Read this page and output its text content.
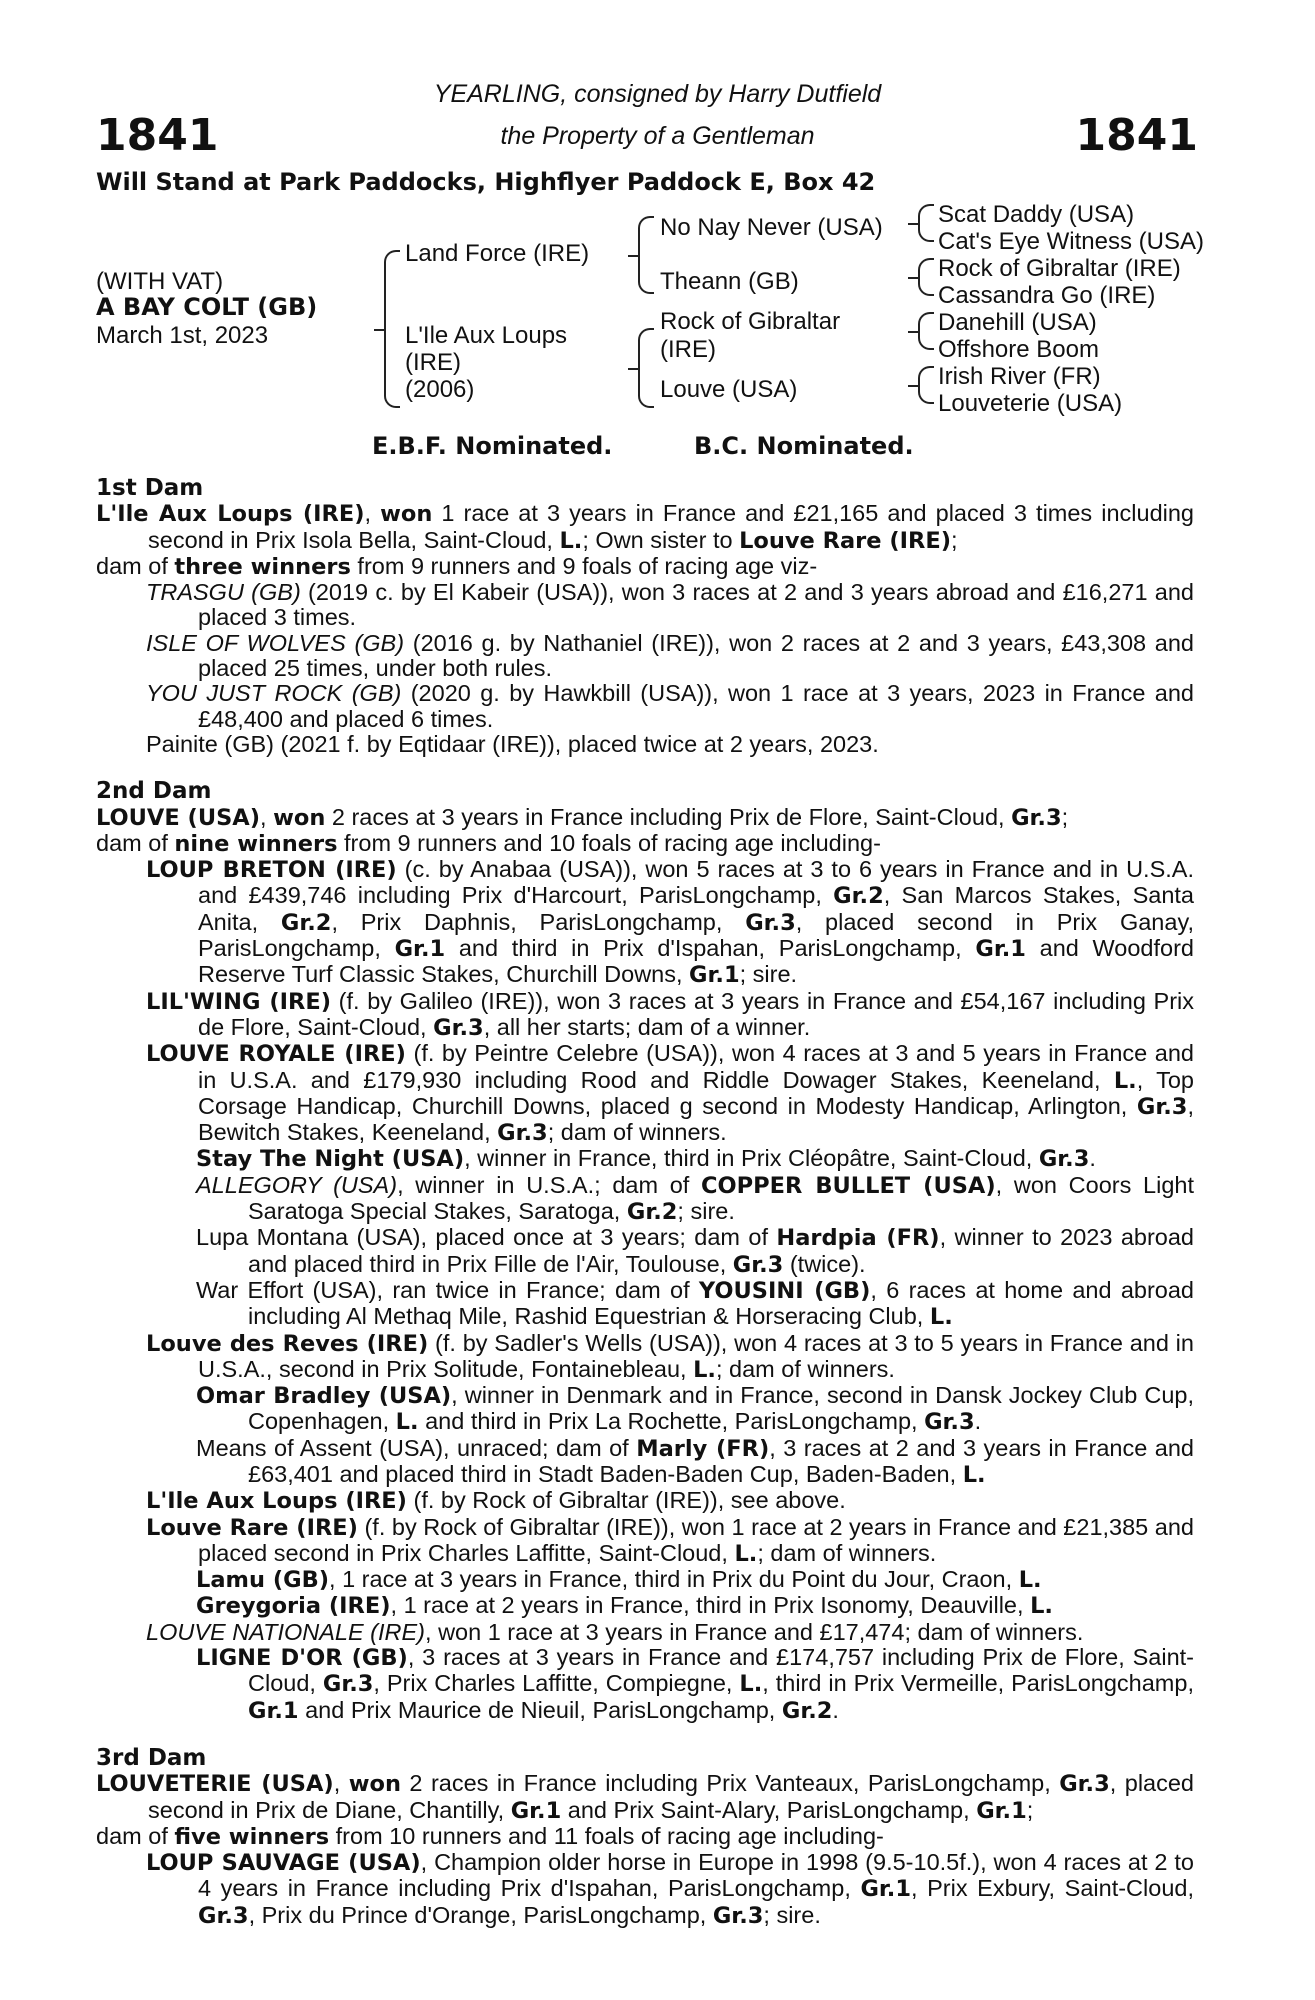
1841	1841
YEARLING, consigned by Harry Dutfield
the Property of a Gentleman
Will Stand at Park Paddocks, Highflyer Paddock E, Box 42
(WITH VAT)
A BAY COLT (GB)
March 1st, 2023
Land Force (IRE)
L'Ile Aux Loups
(IRE)
(2006)
No Nay Never (USA)
Theann (GB)
Rock of Gibraltar
(IRE)
Louve (USA)
Scat Daddy (USA)
Cat's Eye Witness (USA)
Rock of Gibraltar (IRE)
Cassandra Go (IRE)
Danehill (USA)
Offshore Boom
Irish River (FR)
Louveterie (USA)
E.B.F. Nominated.	B.C. Nominated.

1st Dam

L'Ile Aux Loups (IRE), won 1 race at 3 years in France and £21,165 and placed 3 times including second in Prix Isola Bella, Saint-Cloud, L.; Own sister to Louve Rare (IRE);

dam of three winners from 9 runners and 9 foals of racing age viz-

TRASGU (GB) (2019 c. by El Kabeir (USA)), won 3 races at 2 and 3 years abroad and £16,271 and placed 3 times.

ISLE OF WOLVES (GB) (2016 g. by Nathaniel (IRE)), won 2 races at 2 and 3 years, £43,308 and placed 25 times, under both rules.

YOU JUST ROCK (GB) (2020 g. by Hawkbill (USA)), won 1 race at 3 years, 2023 in France and £48,400 and placed 6 times.

Painite (GB) (2021 f. by Eqtidaar (IRE)), placed twice at 2 years, 2023.

2nd Dam

LOUVE (USA), won 2 races at 3 years in France including Prix de Flore, Saint-Cloud, Gr.3;

dam of nine winners from 9 runners and 10 foals of racing age including-

LOUP BRETON (IRE) (c. by Anabaa (USA)), won 5 races at 3 to 6 years in France and in U.S.A. and £439,746 including Prix d'Harcourt, ParisLongchamp, Gr.2, San Marcos Stakes, Santa Anita, Gr.2, Prix Daphnis, ParisLongchamp, Gr.3, placed second in Prix Ganay, ParisLongchamp, Gr.1 and third in Prix d'Ispahan, ParisLongchamp, Gr.1 and Woodford Reserve Turf Classic Stakes, Churchill Downs, Gr.1; sire.

LIL'WING (IRE) (f. by Galileo (IRE)), won 3 races at 3 years in France and £54,167 including Prix de Flore, Saint-Cloud, Gr.3, all her starts; dam of a winner.

LOUVE ROYALE (IRE) (f. by Peintre Celebre (USA)), won 4 races at 3 and 5 years in France and in U.S.A. and £179,930 including Rood and Riddle Dowager Stakes, Keeneland, L., Top Corsage Handicap, Churchill Downs, placed g second in Modesty Handicap, Arlington, Gr.3, Bewitch Stakes, Keeneland, Gr.3; dam of winners.

Stay The Night (USA), winner in France, third in Prix Cléopâtre, Saint-Cloud, Gr.3.

ALLEGORY (USA), winner in U.S.A.; dam of COPPER BULLET (USA), won Coors Light Saratoga Special Stakes, Saratoga, Gr.2; sire.

Lupa Montana (USA), placed once at 3 years; dam of Hardpia (FR), winner to 2023 abroad and placed third in Prix Fille de l'Air, Toulouse, Gr.3 (twice).

War Effort (USA), ran twice in France; dam of YOUSINI (GB), 6 races at home and abroad including Al Methaq Mile, Rashid Equestrian & Horseracing Club, L.

Louve des Reves (IRE) (f. by Sadler's Wells (USA)), won 4 races at 3 to 5 years in France and in U.S.A., second in Prix Solitude, Fontainebleau, L.; dam of winners.

Omar Bradley (USA), winner in Denmark and in France, second in Dansk Jockey Club Cup, Copenhagen, L. and third in Prix La Rochette, ParisLongchamp, Gr.3.

Means of Assent (USA), unraced; dam of Marly (FR), 3 races at 2 and 3 years in France and £63,401 and placed third in Stadt Baden-Baden Cup, Baden-Baden, L.

L'Ile Aux Loups (IRE) (f. by Rock of Gibraltar (IRE)), see above.

Louve Rare (IRE) (f. by Rock of Gibraltar (IRE)), won 1 race at 2 years in France and £21,385 and placed second in Prix Charles Laffitte, Saint-Cloud, L.; dam of winners.

Lamu (GB), 1 race at 3 years in France, third in Prix du Point du Jour, Craon, L.

Greygoria (IRE), 1 race at 2 years in France, third in Prix Isonomy, Deauville, L.

LOUVE NATIONALE (IRE), won 1 race at 3 years in France and £17,474; dam of winners.

LIGNE D'OR (GB), 3 races at 3 years in France and £174,757 including Prix de Flore, Saint-Cloud, Gr.3, Prix Charles Laffitte, Compiegne, L., third in Prix Vermeille, ParisLongchamp, Gr.1 and Prix Maurice de Nieuil, ParisLongchamp, Gr.2.

3rd Dam

LOUVETERIE (USA), won 2 races in France including Prix Vanteaux, ParisLongchamp, Gr.3, placed second in Prix de Diane, Chantilly, Gr.1 and Prix Saint-Alary, ParisLongchamp, Gr.1;

dam of five winners from 10 runners and 11 foals of racing age including-

LOUP SAUVAGE (USA), Champion older horse in Europe in 1998 (9.5-10.5f.), won 4 races at 2 to 4 years in France including Prix d'Ispahan, ParisLongchamp, Gr.1, Prix Exbury, Saint-Cloud, Gr.3, Prix du Prince d'Orange, ParisLongchamp, Gr.3; sire.
